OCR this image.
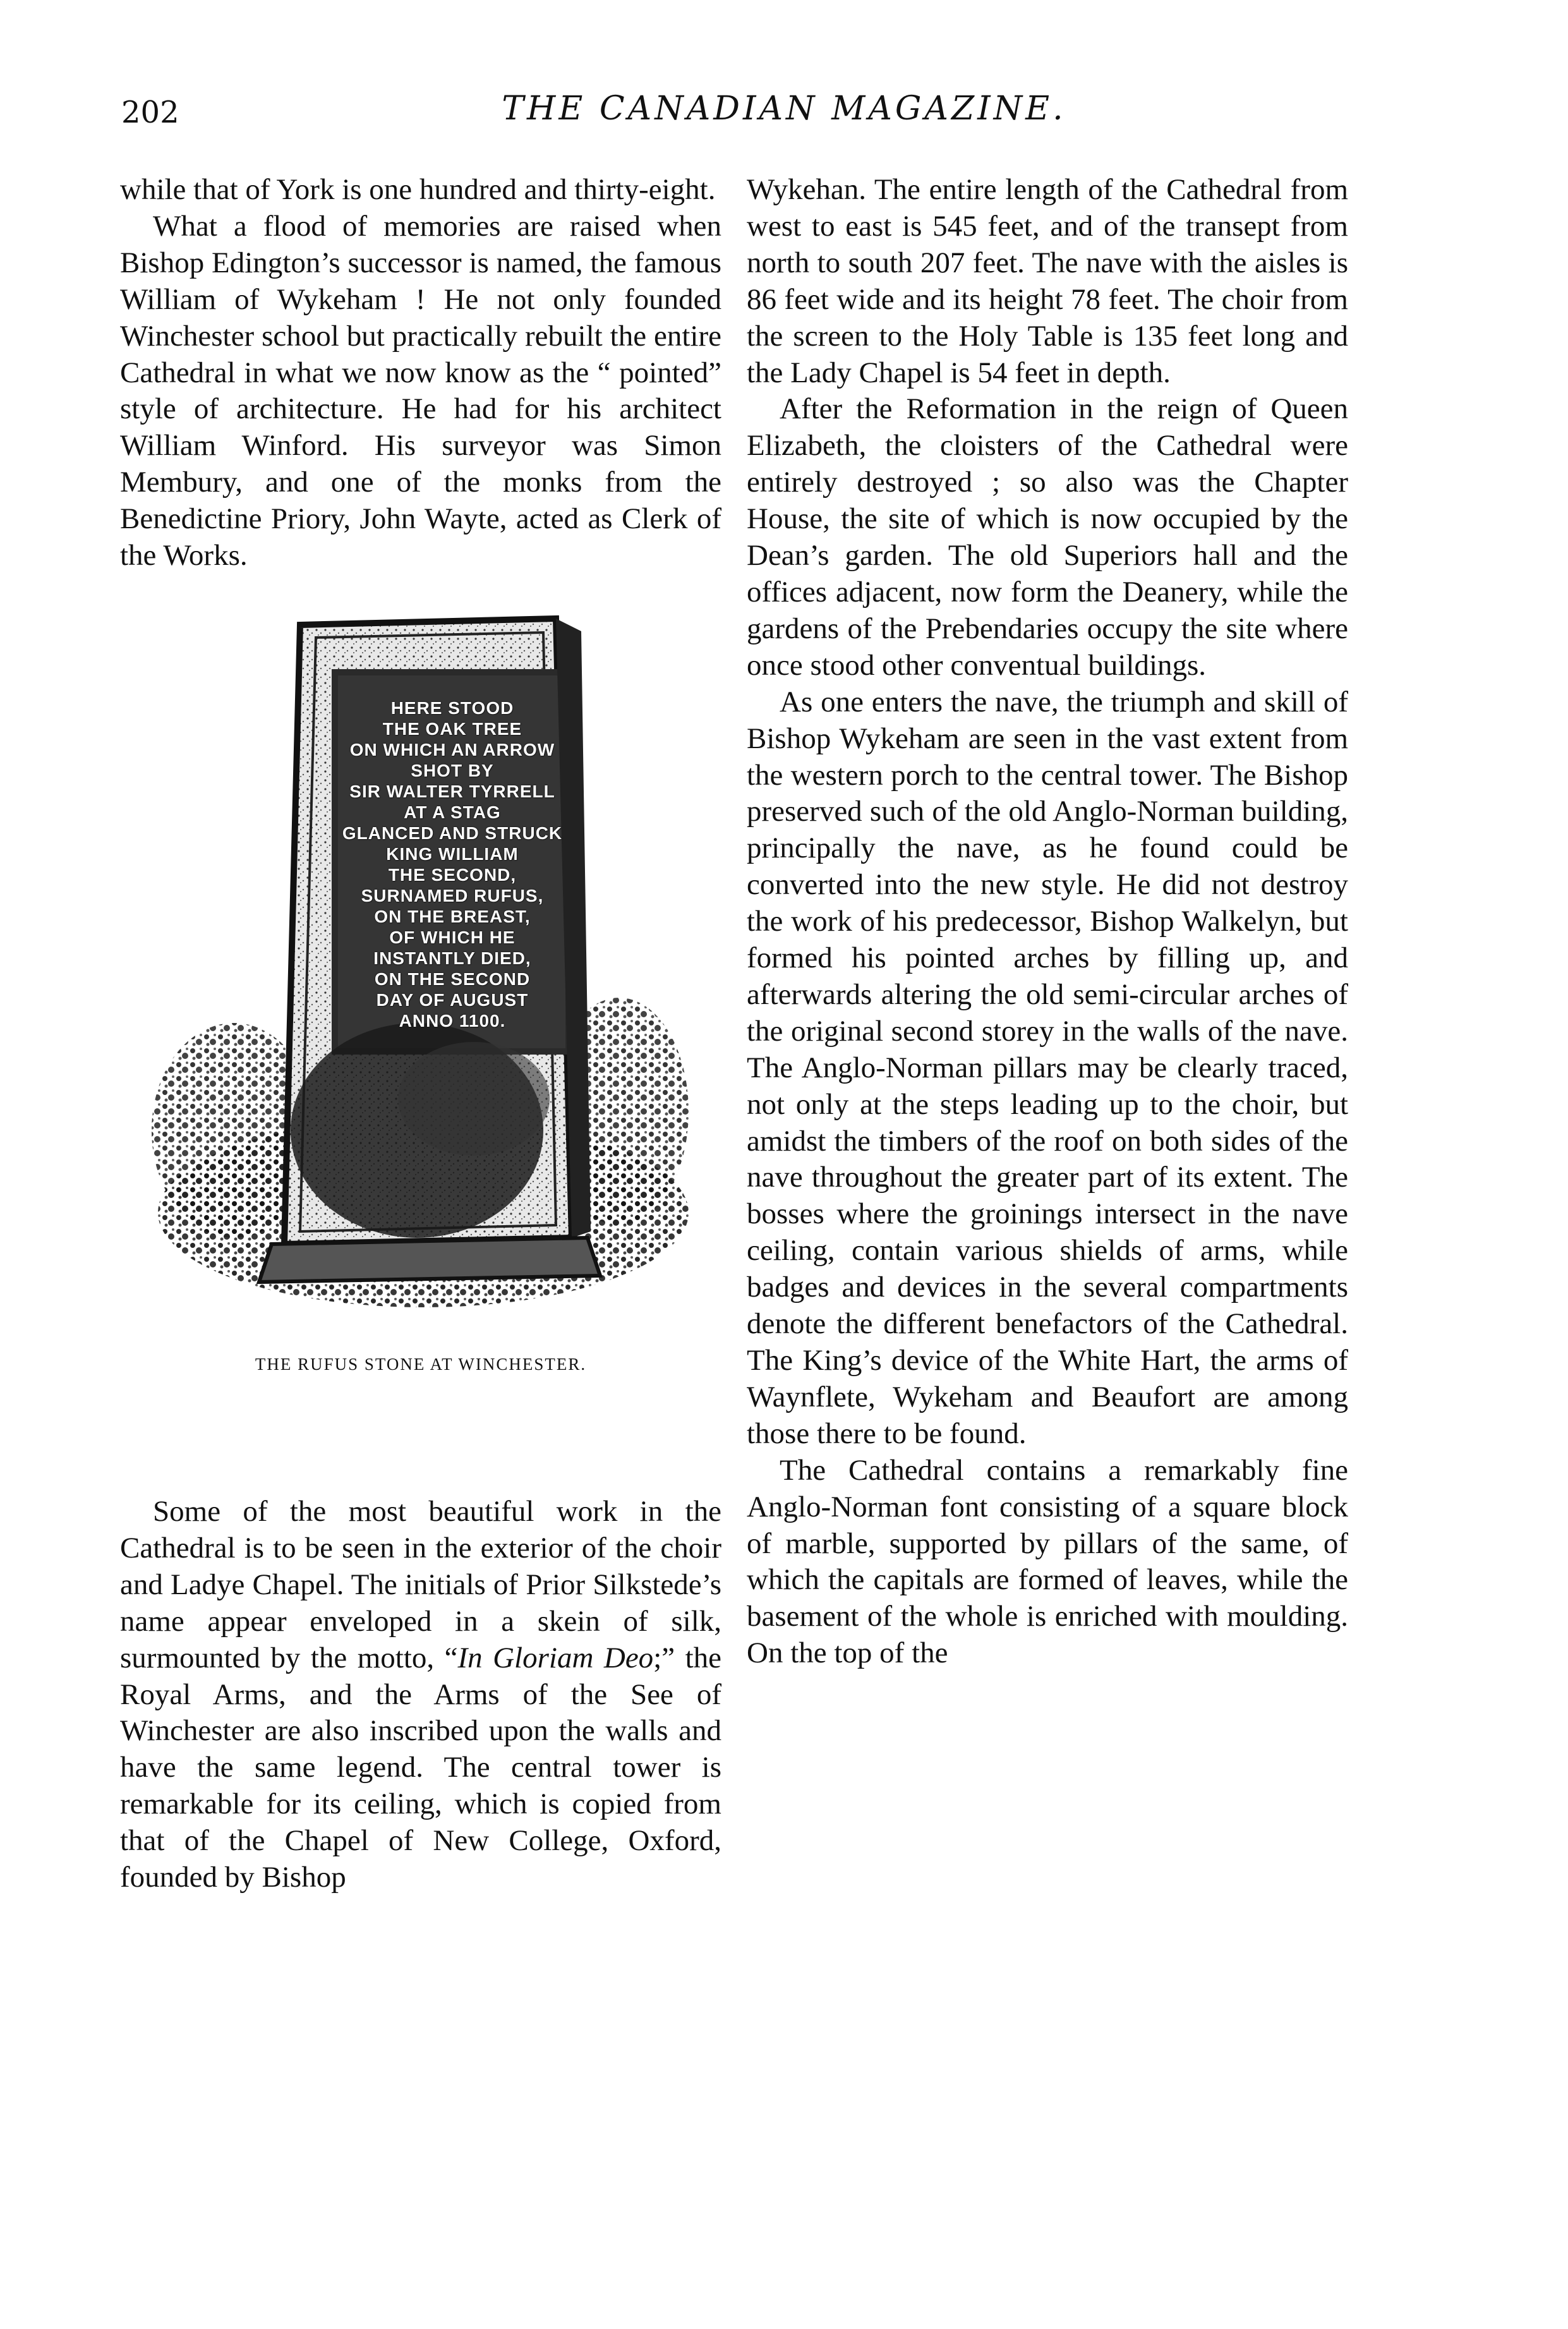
202	THE CANADIAN MAGAZINE.

while that of York is one hundred and thirty-eight.

What a flood of memories are raised when Bishop Edington’s successor is named, the famous William of Wykeham ! He not only founded Winchester school but practically rebuilt the entire Cathedral in what we now know as the “ pointed” style of architecture. He had for his architect William Winford. His surveyor was Simon Membury, and one of the monks from the Benedictine Priory, John Wayte, acted as Clerk of the Works.

HERE STOOD
THE OAK TREE
ON WHICH AN ARROW
SHOT BY
SIR WALTER TYRRELL
AT A STAG
GLANCED AND STRUCK
KING WILLIAM
THE SECOND,
SURNAMED RUFUS,
ON THE BREAST,
OF WHICH HE
INSTANTLY DIED,
ON THE SECOND
DAY OF AUGUST
ANNO 1100.
THE RUFUS STONE AT WINCHESTER.

Some of the most beautiful work in the Cathedral is to be seen in the exterior of the choir and Ladye Chapel. The initials of Prior Silkstede’s name appear enveloped in a skein of silk, surmounted by the motto, “In Gloriam Deo;” the Royal Arms, and the Arms of the See of Winchester are also inscribed upon the walls and have the same legend. The central tower is remarkable for its ceiling, which is copied from that of the Chapel of New College, Oxford, founded by Bishop

Wykehan. The entire length of the Cathedral from west to east is 545 feet, and of the transept from north to south 207 feet. The nave with the aisles is 86 feet wide and its height 78 feet. The choir from the screen to the Holy Table is 135 feet long and the Lady Chapel is 54 feet in depth.

After the Reformation in the reign of Queen Elizabeth, the cloisters of the Cathedral were entirely destroyed ; so also was the Chapter House, the site of which is now occupied by the Dean’s garden. The old Superiors hall and the offices adjacent, now form the Deanery, while the gardens of the Prebendaries occupy the site where once stood other conventual buildings.

As one enters the nave, the triumph and skill of Bishop Wykeham are seen in the vast extent from the western porch to the central tower. The Bishop preserved such of the old Anglo-Norman building, principally the nave, as he found could be converted into the new style. He did not destroy the work of his predecessor, Bishop Walkelyn, but formed his pointed arches by filling up, and afterwards altering the old semi-circular arches of the original second storey in the walls of the nave. The Anglo-Norman pillars may be clearly traced, not only at the steps leading up to the choir, but amidst the timbers of the roof on both sides of the nave throughout the greater part of its extent. The bosses where the groinings intersect in the nave ceiling, contain various shields of arms, while badges and devices in the several compartments denote the different benefactors of the Cathedral. The King’s device of the White Hart, the arms of Waynflete, Wykeham and Beaufort are among those there to be found.

The Cathedral contains a remarkably fine Anglo-Norman font consisting of a square block of marble, supported by pillars of the same, of which the capitals are formed of leaves, while the basement of the whole is enriched with moulding. On the top of the
